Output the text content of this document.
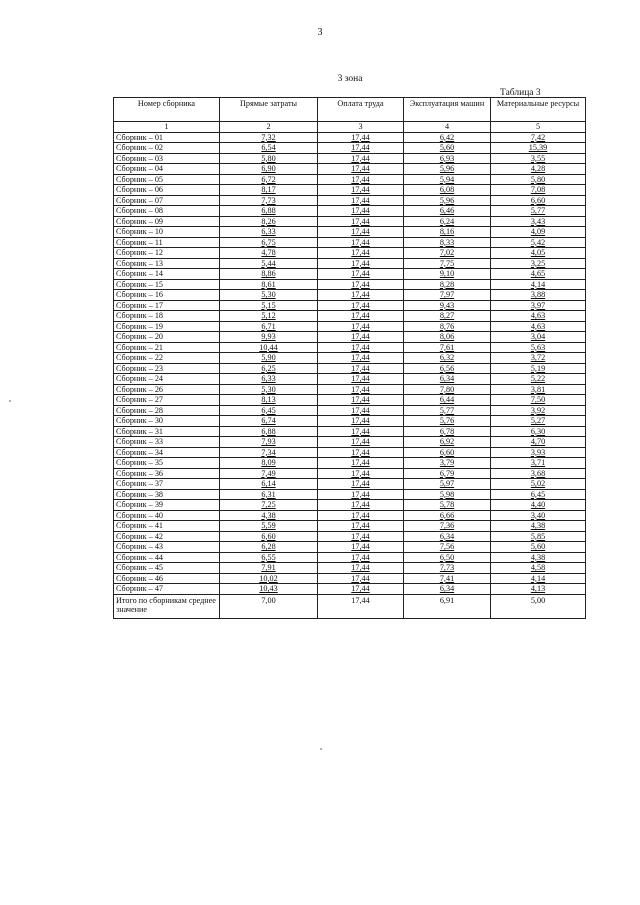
3
3 зона
Таблица 3
Номер сборника	Прямые затраты	Оплата труда	Эксплуатация машин	Материальные ресурсы
1	2	3	4	5
Сборник – 01	7,32	17,44	6,42	7,42
Сборник – 02	6,54	17,44	5,60	15,39
Сборник – 03	5,80	17,44	6,93	3,55
Сборник – 04	6,90	17,44	5,96	4,28
Сборник – 05	6,72	17,44	5,94	5,80
Сборник – 06	8,17	17,44	6,08	7,08
Сборник – 07	7,73	17,44	5,96	6,60
Сборник – 08	6,88	17,44	6,46	5,77
Сборник – 09	8,26	17,44	6,24	3,43
Сборник – 10	6,33	17,44	8,16	4,09
Сборник – 11	6,75	17,44	8,33	5,42
Сборник – 12	4,78	17,44	7,02	4,05
Сборник – 13	5,44	17,44	7,75	3,25
Сборник – 14	8,86	17,44	9,10	4,65
Сборник – 15	8,61	17,44	8,28	4,14
Сборник – 16	5,30	17,44	7,97	3,88
Сборник – 17	5,15	17,44	9,43	3,97
Сборник – 18	5,12	17,44	8,27	4,63
Сборник – 19	6,71	17,44	8,76	4,63
Сборник – 20	9,93	17,44	8,06	3,04
Сборник – 21	10,44	17,44	7,61	5,63
Сборник – 22	5,90	17,44	6,32	3,72
Сборник – 23	6,25	17,44	6,56	5,19
Сборник – 24	6,33	17,44	6,34	5,22
Сборник – 26	5,30	17,44	7,80	3,81
Сборник – 27	8,13	17,44	6,44	7,50
Сборник – 28	6,45	17,44	5,77	3,92
Сборник – 30	6,74	17,44	5,76	5,27
Сборник – 31	6,88	17,44	6,78	6,30
Сборник – 33	7,93	17,44	6,92	4,70
Сборник – 34	7,34	17,44	6,60	3,93
Сборник – 35	8,09	17,44	3,79	3,71
Сборник – 36	7,49	17,44	6,79	3,68
Сборник – 37	6,14	17,44	5,97	5,02
Сборник – 38	6,31	17,44	5,98	6,45
Сборник – 39	7,25	17,44	5,78	4,40
Сборник – 40	4,38	17,44	6,66	3,40
Сборник – 41	5,59	17,44	7,36	4,38
Сборник – 42	6,60	17,44	6,34	5,85
Сборник – 43	6,28	17,44	7,56	5,60
Сборник – 44	6,55	17,44	6,50	4,38
Сборник – 45	7,91	17,44	7,73	4,58
Сборник – 46	10,02	17,44	7,41	4,14
Сборник – 47	10,43	17,44	6,34	4,13
Итого по сборникам среднее значение	7,00	17,44	6,91	5,00
